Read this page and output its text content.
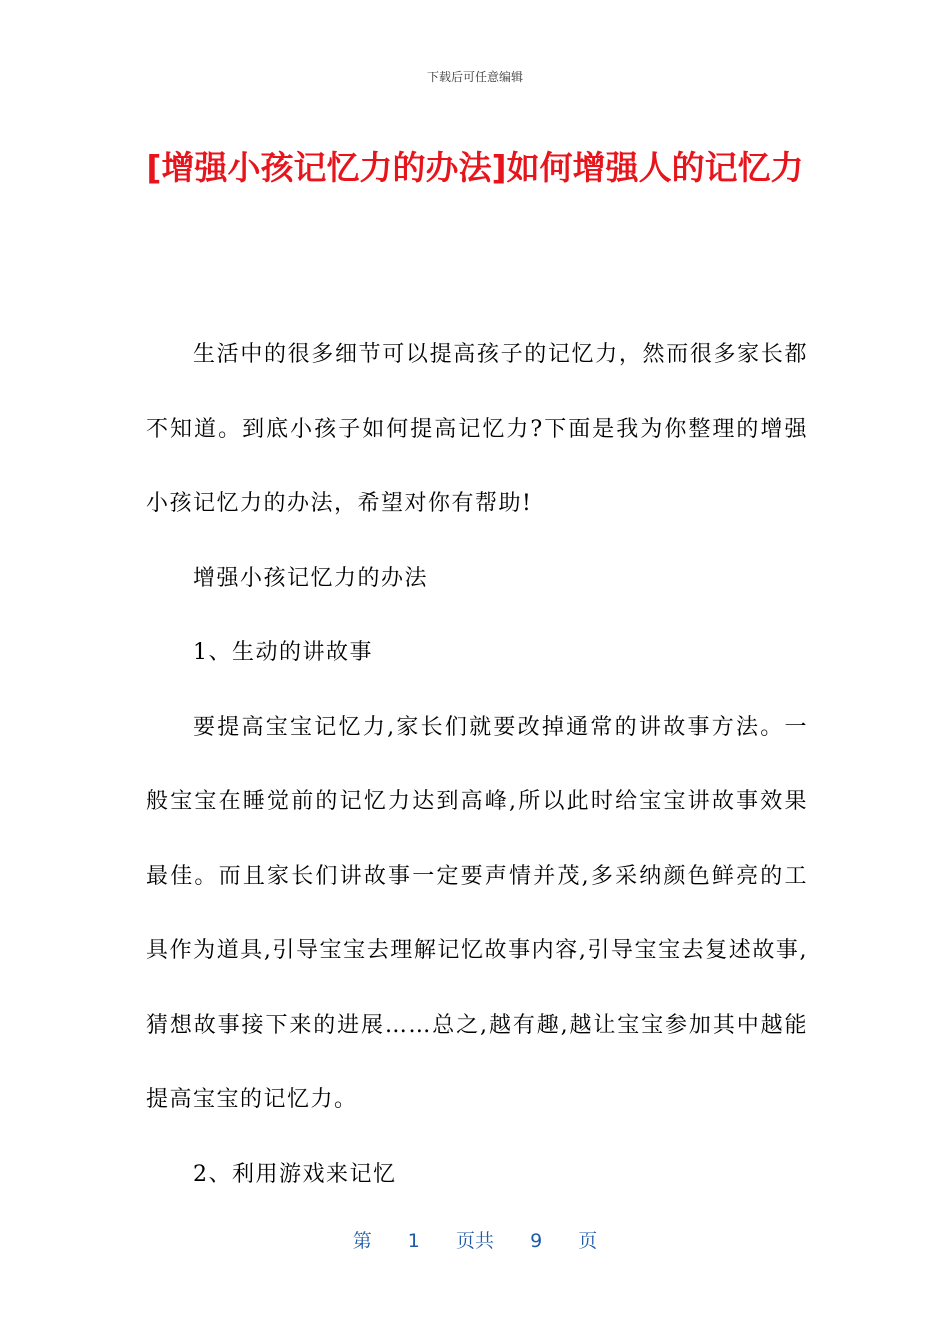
下载后可任意编辑
[增强小孩记忆力的办法]如何增强人的记忆力

生活中的很多细节可以提高孩子的记忆力，然而很多家长都不知道。到底小孩子如何提高记忆力?下面是我为你整理的增强小孩记忆力的办法，希望对你有帮助!

增强小孩记忆力的办法

1、生动的讲故事

要提高宝宝记忆力,家长们就要改掉通常的讲故事方法。一般宝宝在睡觉前的记忆力达到高峰,所以此时给宝宝讲故事效果最佳。而且家长们讲故事一定要声情并茂,多采纳颜色鲜亮的工具作为道具,引导宝宝去理解记忆故事内容,引导宝宝去复述故事,猜想故事接下来的进展……总之,越有趣,越让宝宝参加其中越能提高宝宝的记忆力。

2、利用游戏来记忆

第 1 页共 9 页
